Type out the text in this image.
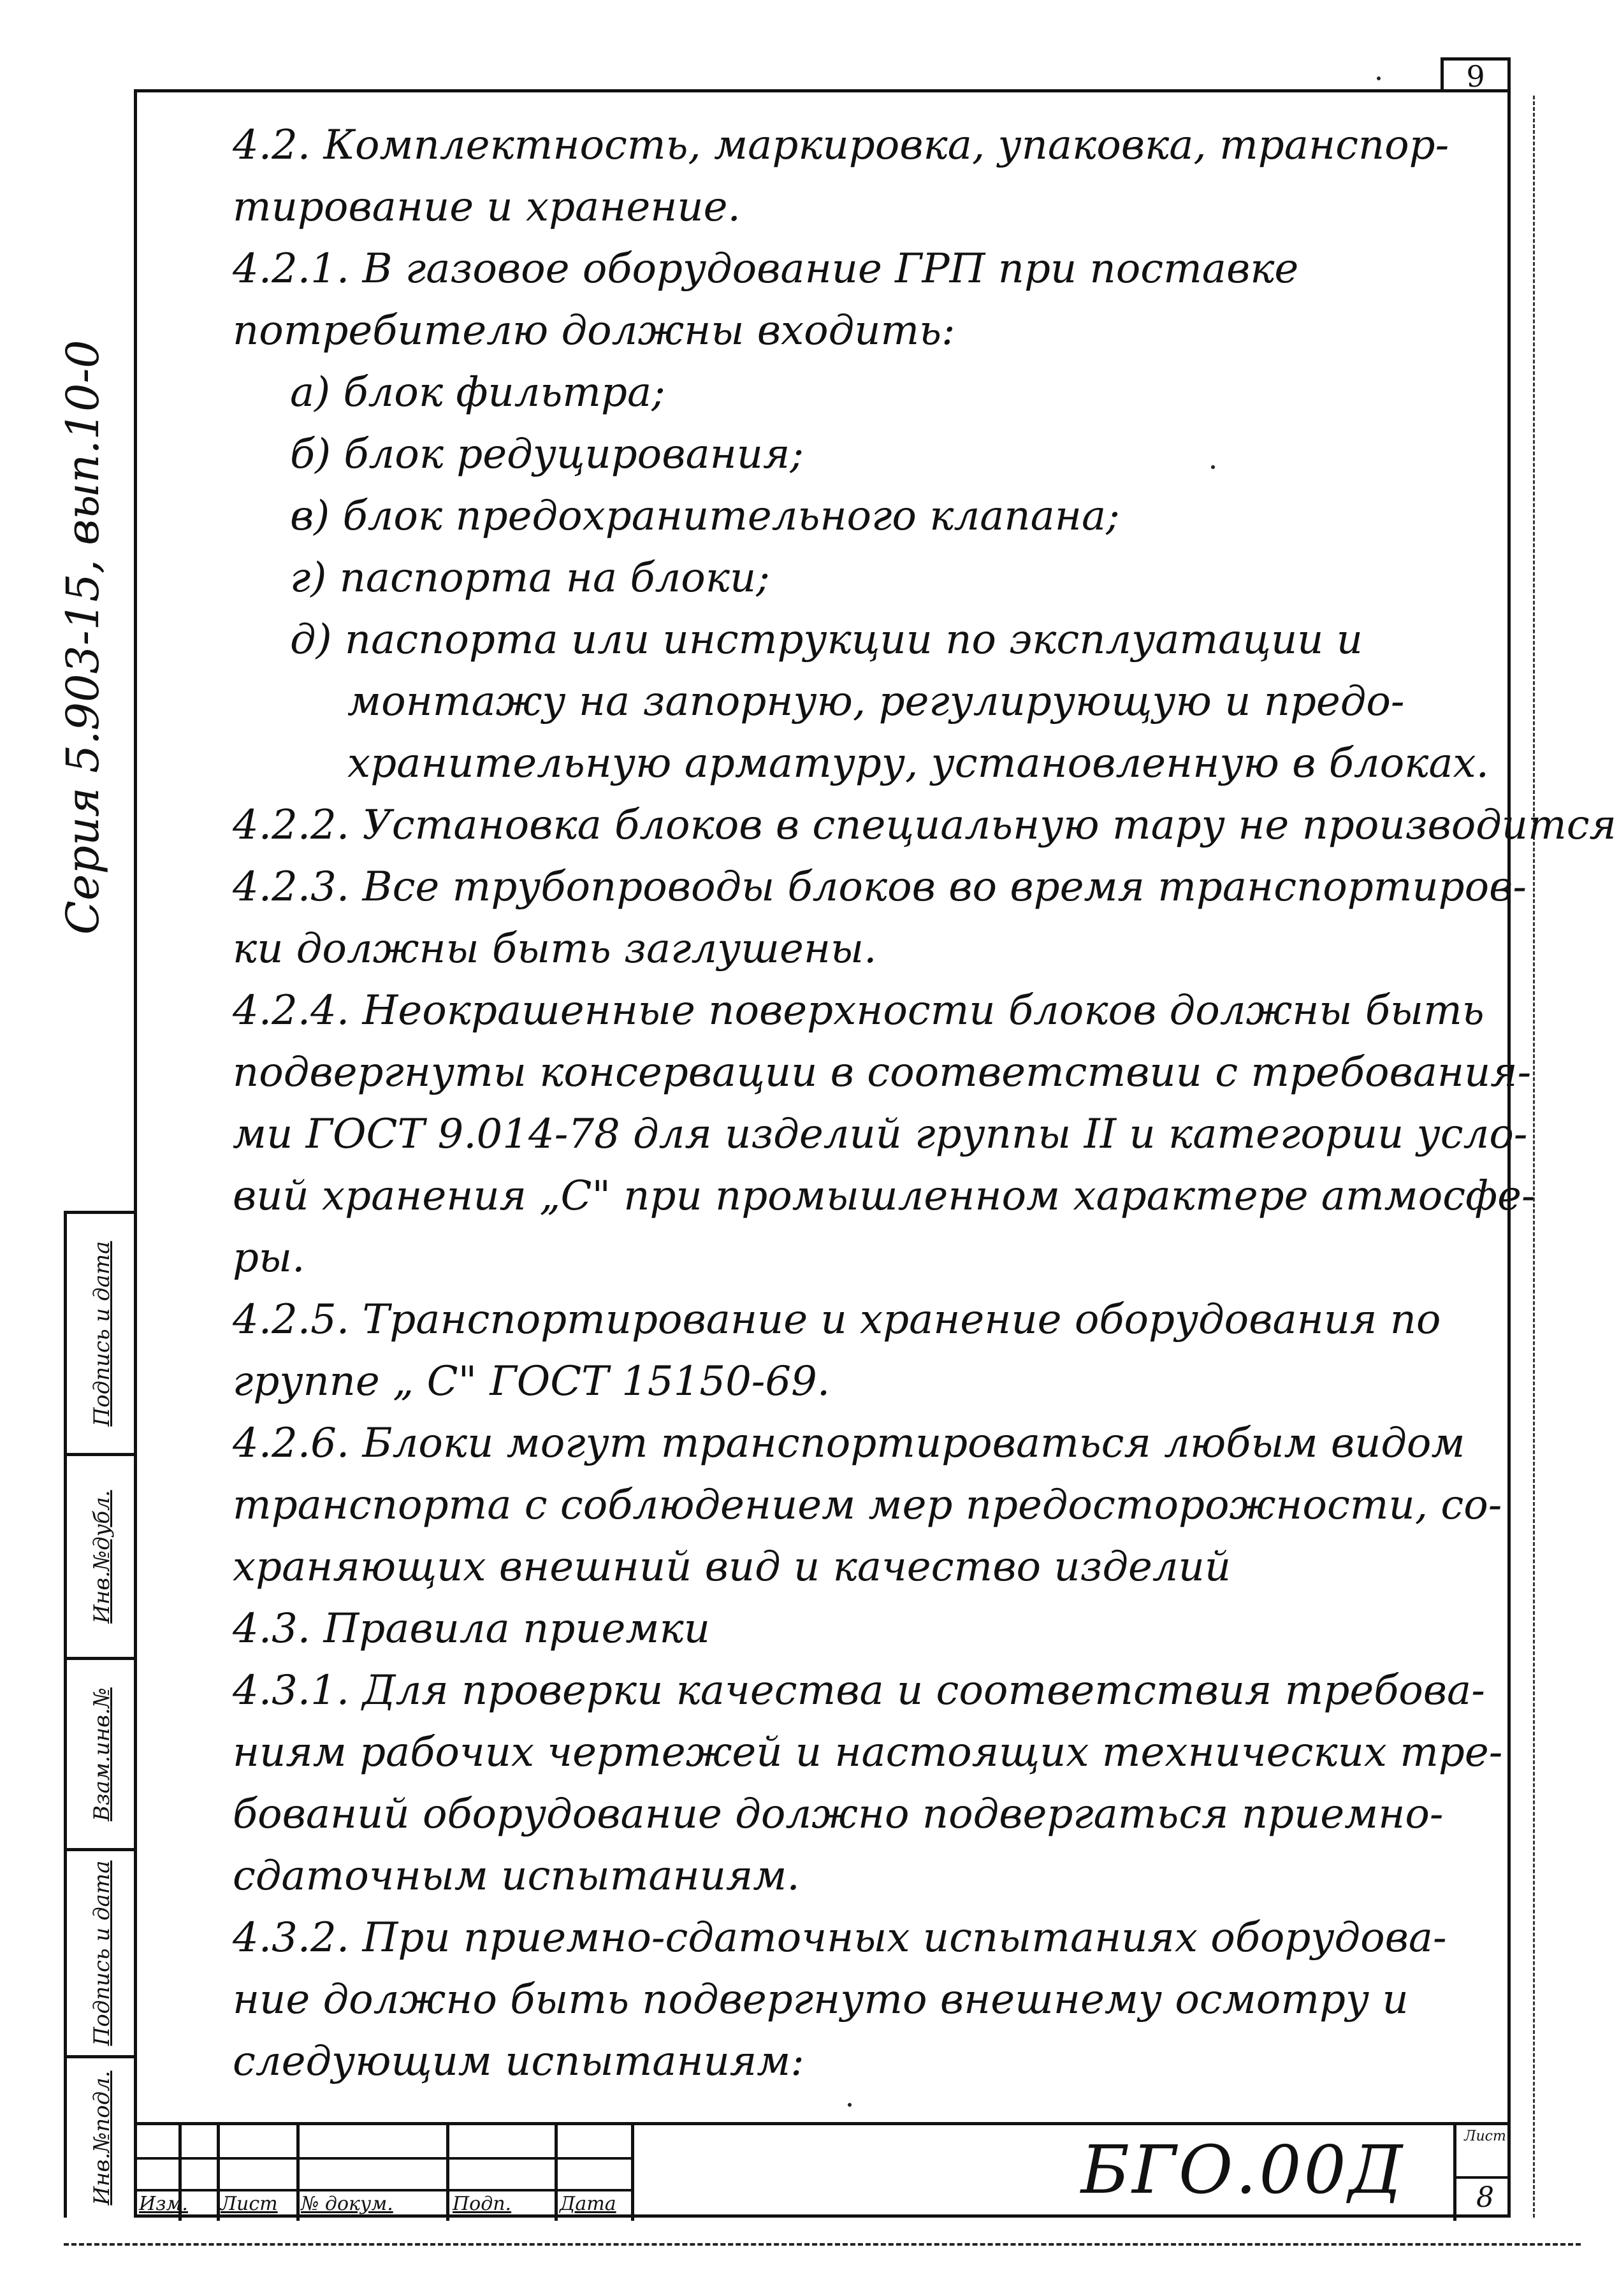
9
Серия 5.903-15, вып.10-0
Инв.№подл.
Подпись и дата
Взам.инв.№
Инв.№дубл.
Подпись и дата
4.2. Комплектность, маркировка, упаковка, транспор-
тирование и хранение.
4.2.1. В газовое оборудование ГРП при поставке
потребителю должны входить:
а) блок фильтра;
б) блок редуцирования;
в) блок предохранительного клапана;
г) паспорта на блоки;
д) паспорта или инструкции по эксплуатации и
монтажу на запорную, регулирующую и предо-
хранительную арматуру, установленную в блоках.
4.2.2. Установка блоков в специальную тару не производится
4.2.3. Все трубопроводы блоков во время транспортиров-
ки должны быть заглушены.
4.2.4. Неокрашенные поверхности блоков должны быть
подвергнуты консервации в соответствии с требования-
ми ГОСТ 9.014-78 для изделий группы II и категории усло-
вий хранения „С" при промышленном характере атмосфе-
ры.
4.2.5. Транспортирование и хранение оборудования по
группе „ С" ГОСТ 15150-69.
4.2.6. Блоки могут транспортироваться любым видом
транспорта с соблюдением мер предосторожности, со-
храняющих внешний вид и качество изделий
4.3. Правила приемки
4.3.1. Для проверки качества и соответствия требова-
ниям рабочих чертежей и настоящих технических тре-
бований оборудование должно подвергаться приемно-
сдаточным испытаниям.
4.3.2. При приемно-сдаточных испытаниях оборудова-
ние должно быть подвергнуто внешнему осмотру и
следующим испытаниям:
Изм. Лист № докум.	Подп.	Дата	БГО.00Д	Лист
8
